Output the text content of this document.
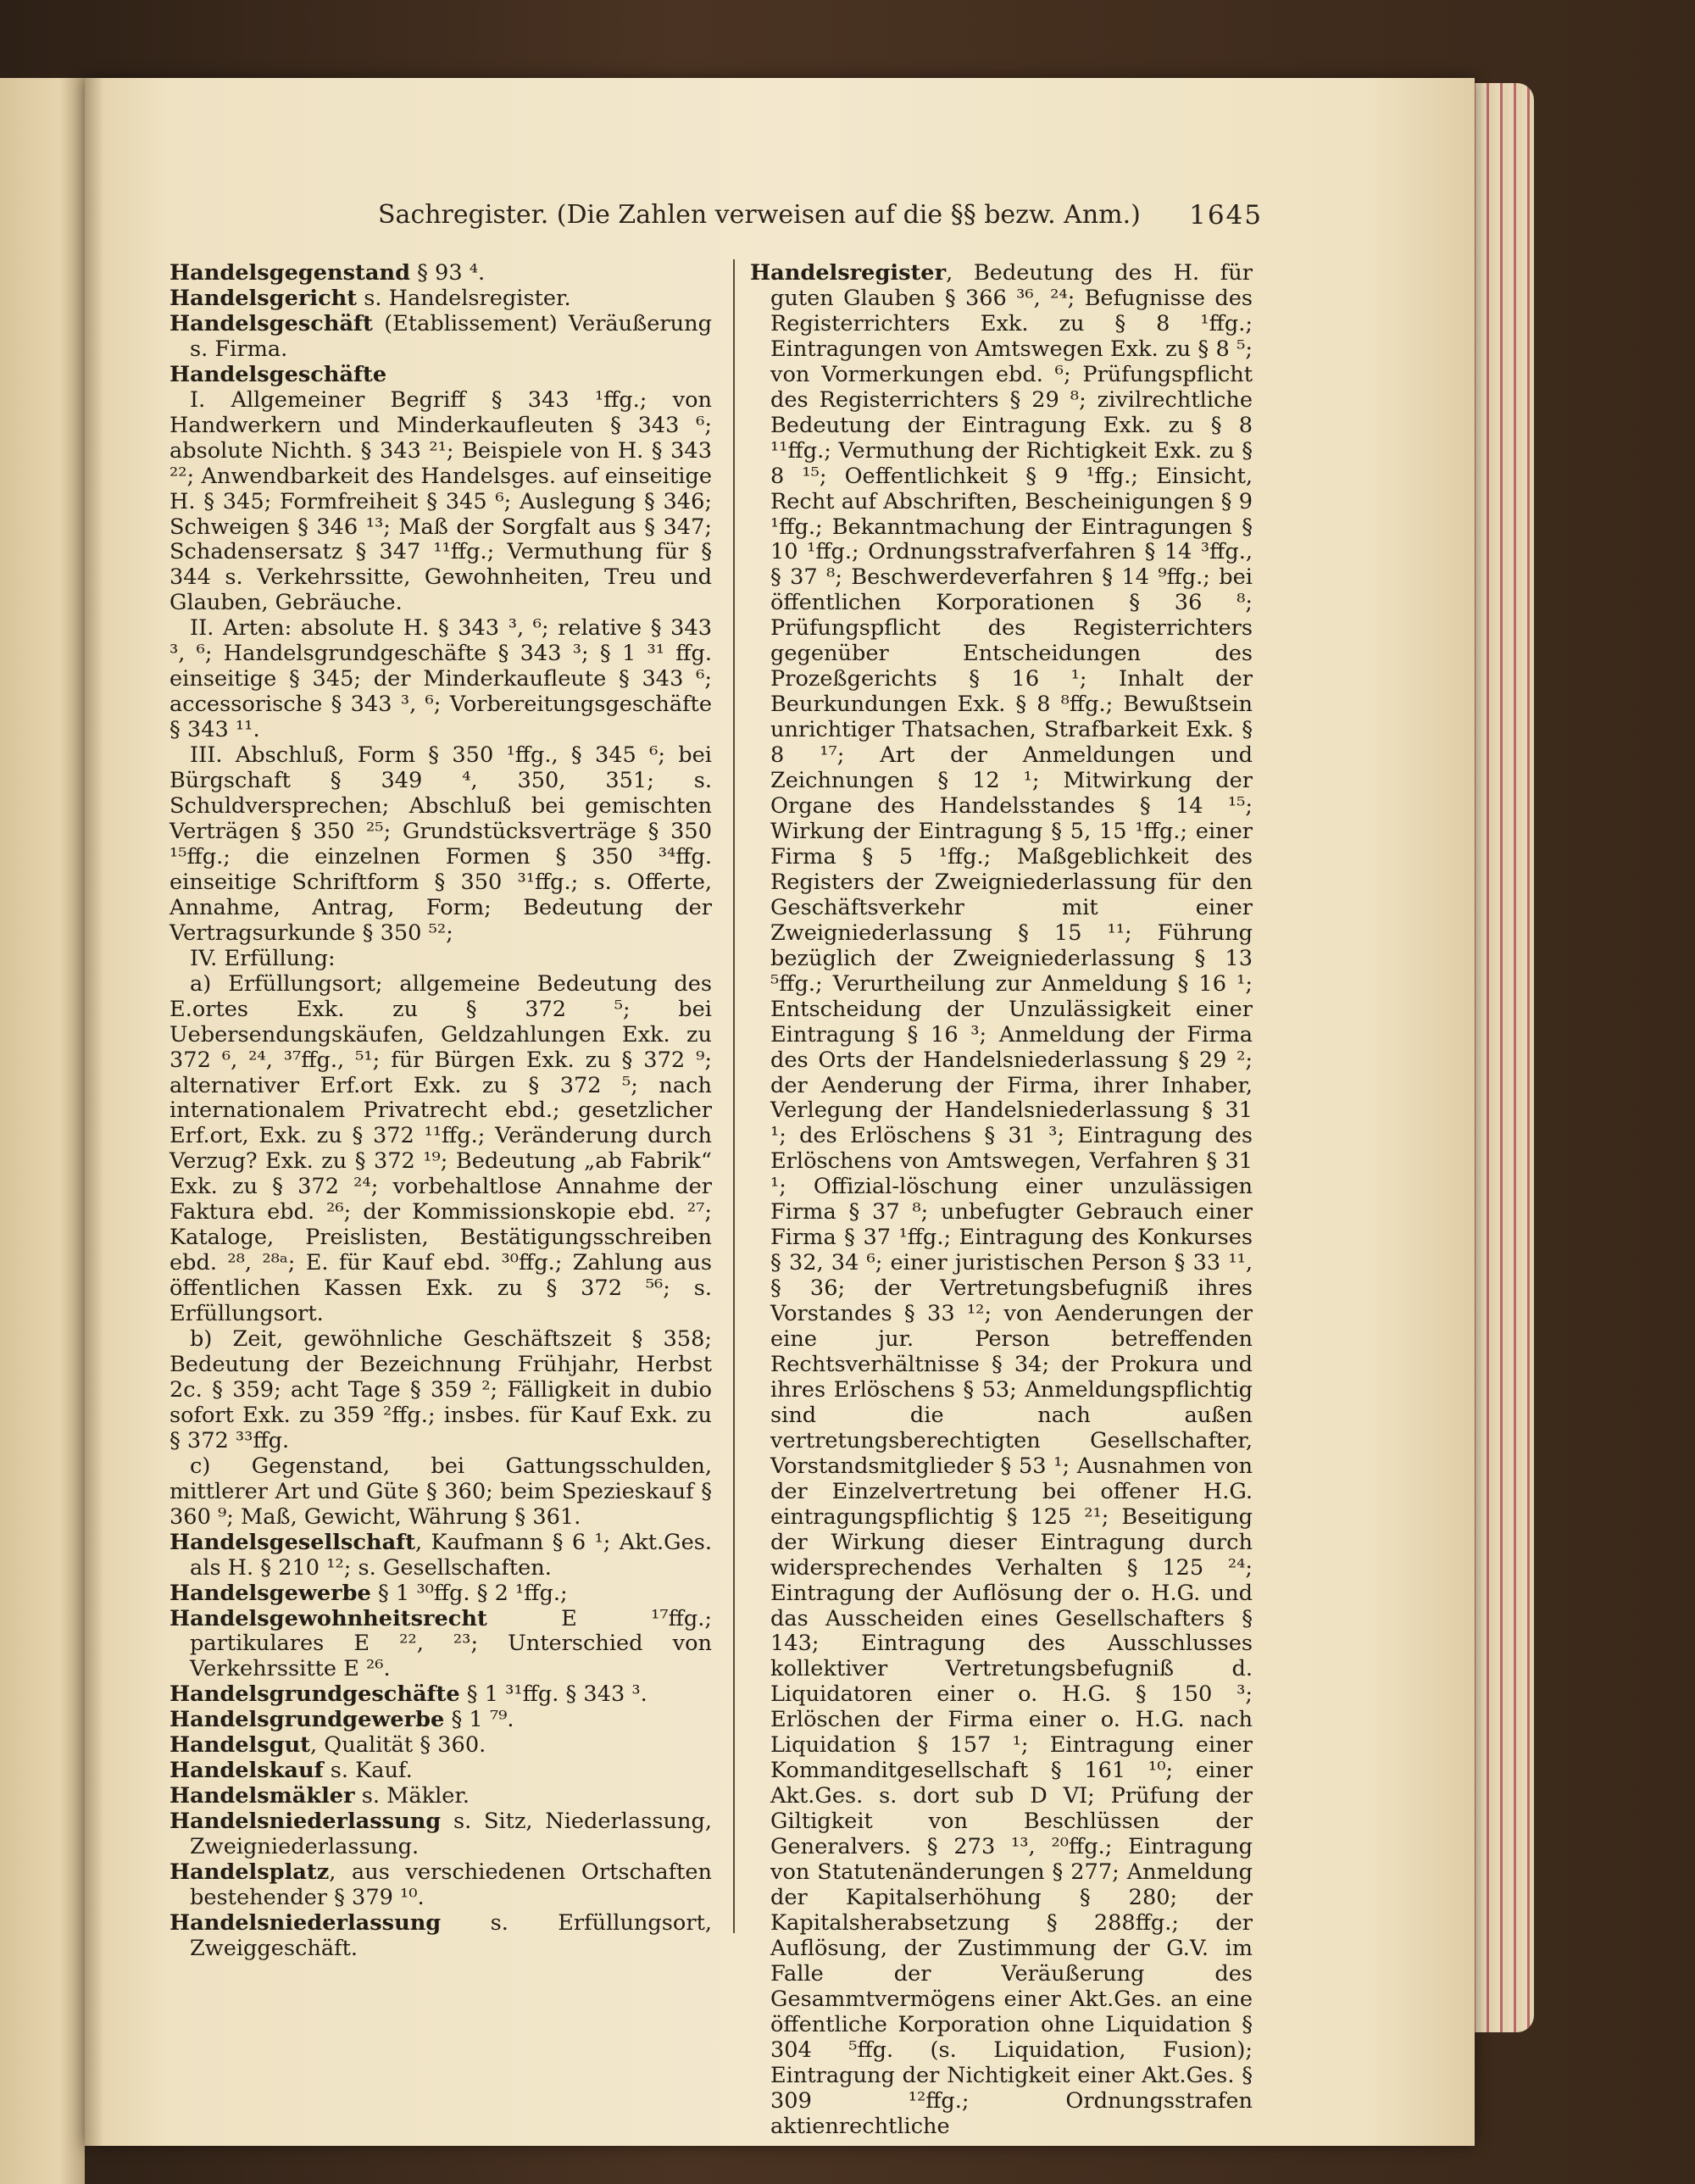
Sachregister. (Die Zahlen verweisen auf die §§ bezw. Anm.) 1645

Handelsgegenstand § 93 ⁴.

Handelsgericht s. Handelsregister.

Handelsgeschäft (Etablissement) Veräußerung s. Firma.

Handelsgeschäfte

I. Allgemeiner Begriff § 343 ¹ffg.; von Handwerkern und Minderkaufleuten § 343 ⁶; absolute Nichth. § 343 ²¹; Beispiele von H. § 343 ²²; Anwendbarkeit des Handelsges. auf einseitige H. § 345; Formfreiheit § 345 ⁶; Auslegung § 346; Schweigen § 346 ¹³; Maß der Sorgfalt aus § 347; Schadensersatz § 347 ¹¹ffg.; Vermuthung für § 344 s. Verkehrssitte, Gewohnheiten, Treu und Glauben, Gebräuche.

II. Arten: absolute H. § 343 ³, ⁶; relative § 343 ³, ⁶; Handelsgrundgeschäfte § 343 ³; § 1 ³¹ ffg. einseitige § 345; der Minderkaufleute § 343 ⁶; accessorische § 343 ³, ⁶; Vorbereitungsgeschäfte § 343 ¹¹.

III. Abschluß, Form § 350 ¹ffg., § 345 ⁶; bei Bürgschaft § 349 ⁴, 350, 351; s. Schuldversprechen; Abschluß bei gemischten Verträgen § 350 ²⁵; Grundstücksverträge § 350 ¹⁵ffg.; die einzelnen Formen § 350 ³⁴ffg. einseitige Schriftform § 350 ³¹ffg.; s. Offerte, Annahme, Antrag, Form; Bedeutung der Vertragsurkunde § 350 ⁵²;

IV. Erfüllung:

a) Erfüllungsort; allgemeine Bedeutung des E.ortes Exk. zu § 372 ⁵; bei Uebersendungskäufen, Geldzahlungen Exk. zu 372 ⁶, ²⁴, ³⁷ffg., ⁵¹; für Bürgen Exk. zu § 372 ⁹; alternativer Erf.ort Exk. zu § 372 ⁵; nach internationalem Privatrecht ebd.; gesetzlicher Erf.ort, Exk. zu § 372 ¹¹ffg.; Veränderung durch Verzug? Exk. zu § 372 ¹⁹; Bedeutung „ab Fabrik“ Exk. zu § 372 ²⁴; vorbehaltlose Annahme der Faktura ebd. ²⁶; der Kommissionskopie ebd. ²⁷; Kataloge, Preislisten, Bestätigungsschreiben ebd. ²⁸, ²⁸ᵃ; E. für Kauf ebd. ³⁰ffg.; Zahlung aus öffentlichen Kassen Exk. zu § 372 ⁵⁶; s. Erfüllungsort.

b) Zeit, gewöhnliche Geschäftszeit § 358; Bedeutung der Bezeichnung Frühjahr, Herbst 2c. § 359; acht Tage § 359 ²; Fälligkeit in dubio sofort Exk. zu 359 ²ffg.; insbes. für Kauf Exk. zu § 372 ³³ffg.

c) Gegenstand, bei Gattungsschulden, mittlerer Art und Güte § 360; beim Spezieskauf § 360 ⁹; Maß, Gewicht, Währung § 361.

Handelsgesellschaft, Kaufmann § 6 ¹; Akt.Ges. als H. § 210 ¹²; s. Gesellschaften.

Handelsgewerbe § 1 ³⁰ffg. § 2 ¹ffg.;

Handelsgewohnheitsrecht E ¹⁷ffg.; partikulares E ²², ²³; Unterschied von Verkehrssitte E ²⁶.

Handelsgrundgeschäfte § 1 ³¹ffg. § 343 ³.

Handelsgrundgewerbe § 1 ⁷⁹.

Handelsgut, Qualität § 360.

Handelskauf s. Kauf.

Handelsmäkler s. Mäkler.

Handelsniederlassung s. Sitz, Niederlassung, Zweigniederlassung.

Handelsplatz, aus verschiedenen Ortschaften bestehender § 379 ¹⁰.

Handelsniederlassung s. Erfüllungsort, Zweiggeschäft.

Handelsregister, Bedeutung des H. für guten Glauben § 366 ³⁶, ²⁴; Befugnisse des Registerrichters Exk. zu § 8 ¹ffg.; Eintragungen von Amtswegen Exk. zu § 8 ⁵; von Vormerkungen ebd. ⁶; Prüfungspflicht des Registerrichters § 29 ⁸; zivilrechtliche Bedeutung der Eintragung Exk. zu § 8 ¹¹ffg.; Vermuthung der Richtigkeit Exk. zu § 8 ¹⁵; Oeffentlichkeit § 9 ¹ffg.; Einsicht, Recht auf Abschriften, Bescheinigungen § 9 ¹ffg.; Bekanntmachung der Eintragungen § 10 ¹ffg.; Ordnungsstrafverfahren § 14 ³ffg., § 37 ⁸; Beschwerdeverfahren § 14 ⁹ffg.; bei öffentlichen Korporationen § 36 ⁸; Prüfungspflicht des Registerrichters gegenüber Entscheidungen des Prozeßgerichts § 16 ¹; Inhalt der Beurkundungen Exk. § 8 ⁸ffg.; Bewußtsein unrichtiger Thatsachen, Strafbarkeit Exk. § 8 ¹⁷; Art der Anmeldungen und Zeichnungen § 12 ¹; Mitwirkung der Organe des Handelsstandes § 14 ¹⁵; Wirkung der Eintragung § 5, 15 ¹ffg.; einer Firma § 5 ¹ffg.; Maßgeblichkeit des Registers der Zweigniederlassung für den Geschäftsverkehr mit einer Zweigniederlassung § 15 ¹¹; Führung bezüglich der Zweigniederlassung § 13 ⁵ffg.; Verurtheilung zur Anmeldung § 16 ¹; Entscheidung der Unzulässigkeit einer Eintragung § 16 ³; Anmeldung der Firma des Orts der Handelsniederlassung § 29 ²; der Aenderung der Firma, ihrer Inhaber, Verlegung der Handelsniederlassung § 31 ¹; des Erlöschens § 31 ³; Eintragung des Erlöschens von Amtswegen, Verfahren § 31 ¹; Offizial-löschung einer unzulässigen Firma § 37 ⁸; unbefugter Gebrauch einer Firma § 37 ¹ffg.; Eintragung des Konkurses § 32, 34 ⁶; einer juristischen Person § 33 ¹¹, § 36; der Vertretungsbefugniß ihres Vorstandes § 33 ¹²; von Aenderungen der eine jur. Person betreffenden Rechtsverhältnisse § 34; der Prokura und ihres Erlöschens § 53; Anmeldungspflichtig sind die nach außen vertretungsberechtigten Gesellschafter, Vorstandsmitglieder § 53 ¹; Ausnahmen von der Einzelvertretung bei offener H.G. eintragungspflichtig § 125 ²¹; Beseitigung der Wirkung dieser Eintragung durch widersprechendes Verhalten § 125 ²⁴; Eintragung der Auflösung der o. H.G. und das Ausscheiden eines Gesellschafters § 143; Eintragung des Ausschlusses kollektiver Vertretungsbefugniß d. Liquidatoren einer o. H.G. § 150 ³; Erlöschen der Firma einer o. H.G. nach Liquidation § 157 ¹; Eintragung einer Kommanditgesellschaft § 161 ¹⁰; einer Akt.Ges. s. dort sub D VI; Prüfung der Giltigkeit von Beschlüssen der Generalvers. § 273 ¹³, ²⁰ffg.; Eintragung von Statutenänderungen § 277; Anmeldung der Kapitalserhöhung § 280; der Kapitalsherabsetzung § 288ffg.; der Auflösung, der Zustimmung der G.V. im Falle der Veräußerung des Gesammtvermögens einer Akt.Ges. an eine öffentliche Korporation ohne Liquidation § 304 ⁵ffg. (s. Liquidation, Fusion); Eintragung der Nichtigkeit einer Akt.Ges. § 309 ¹²ffg.; Ordnungsstrafen aktienrechtliche
